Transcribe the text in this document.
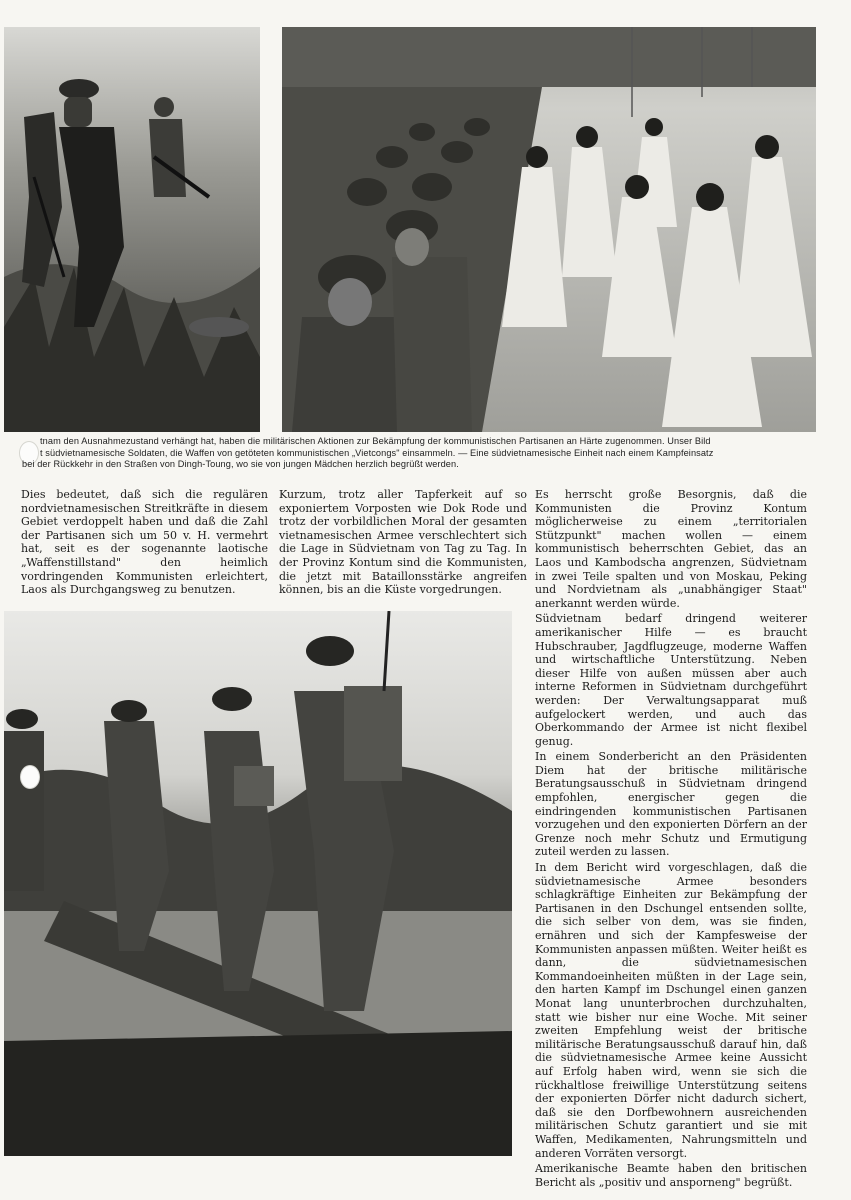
tnam den Ausnahmezustand verhängt hat, haben die militärischen Aktionen zur Bekämpfung der kommunistischen Partisanen an Härte zugenommen. Unser Bild
t südvietnamesische Soldaten, die Waffen von getöteten kommunistischen „Vietcongs" einsammeln. — Eine südvietnamesische Einheit nach einem Kampfeinsatz
bei der Rückkehr in den Straßen von Dingh-Toung, wo sie von jungen Mädchen herzlich begrüßt werden.

Dies bedeutet, daß sich die regulären nordvietnamesischen Streitkräfte in diesem Gebiet verdoppelt haben und daß die Zahl der Partisanen sich um 50 v. H. vermehrt hat, seit es der sogenannte laotische „Waffenstillstand" den heimlich vordringenden Kommunisten erleichtert, Laos als Durchgangsweg zu benutzen.

Kurzum, trotz aller Tapferkeit auf so exponiertem Vorposten wie Dok Rode und trotz der vorbildlichen Moral der gesamten vietnamesischen Armee verschlechtert sich die Lage in Südvietnam von Tag zu Tag. In der Provinz Kontum sind die Kommunisten, die jetzt mit Bataillonsstärke angreifen können, bis an die Küste vorgedrungen.

Es herrscht große Besorgnis, daß die Kommunisten die Provinz Kontum möglicherweise zu einem „territorialen Stützpunkt" machen wollen — einem kommunistisch beherrschten Gebiet, das an Laos und Kambodscha angrenzen, Südvietnam in zwei Teile spalten und von Moskau, Peking und Nordvietnam als „unabhängiger Staat" anerkannt werden würde.

Südvietnam bedarf dringend weiterer amerikanischer Hilfe — es braucht Hubschrauber, Jagdflugzeuge, moderne Waffen und wirtschaftliche Unterstützung. Neben dieser Hilfe von außen müssen aber auch interne Reformen in Südvietnam durchgeführt werden: Der Verwaltungsapparat muß aufgelockert werden, und auch das Oberkommando der Armee ist nicht flexibel genug.

In einem Sonderbericht an den Präsidenten Diem hat der britische militärische Beratungsausschuß in Südvietnam dringend empfohlen, energischer gegen die eindringenden kommunistischen Partisanen vorzugehen und den exponierten Dörfern an der Grenze noch mehr Schutz und Ermutigung zuteil werden zu lassen.

In dem Bericht wird vorgeschlagen, daß die südvietnamesische Armee besonders schlagkräftige Einheiten zur Bekämpfung der Partisanen in den Dschungel entsenden sollte, die sich selber von dem, was sie finden, ernähren und sich der Kampfesweise der Kommunisten anpassen müßten. Weiter heißt es dann, die südvietnamesischen Kommandoeinheiten müßten in der Lage sein, den harten Kampf im Dschungel einen ganzen Monat lang ununterbrochen durchzuhalten, statt wie bisher nur eine Woche. Mit seiner zweiten Empfehlung weist der britische militärische Beratungsausschuß darauf hin, daß die südvietnamesische Armee keine Aussicht auf Erfolg haben wird, wenn sie sich die rückhaltlose freiwillige Unterstützung seitens der exponierten Dörfer nicht dadurch sichert, daß sie den Dorfbewohnern ausreichenden militärischen Schutz garantiert und sie mit Waffen, Medikamenten, Nahrungsmitteln und anderen Vorräten versorgt.

Amerikanische Beamte haben den britischen Bericht als „positiv und ansporneng" begrüßt.
